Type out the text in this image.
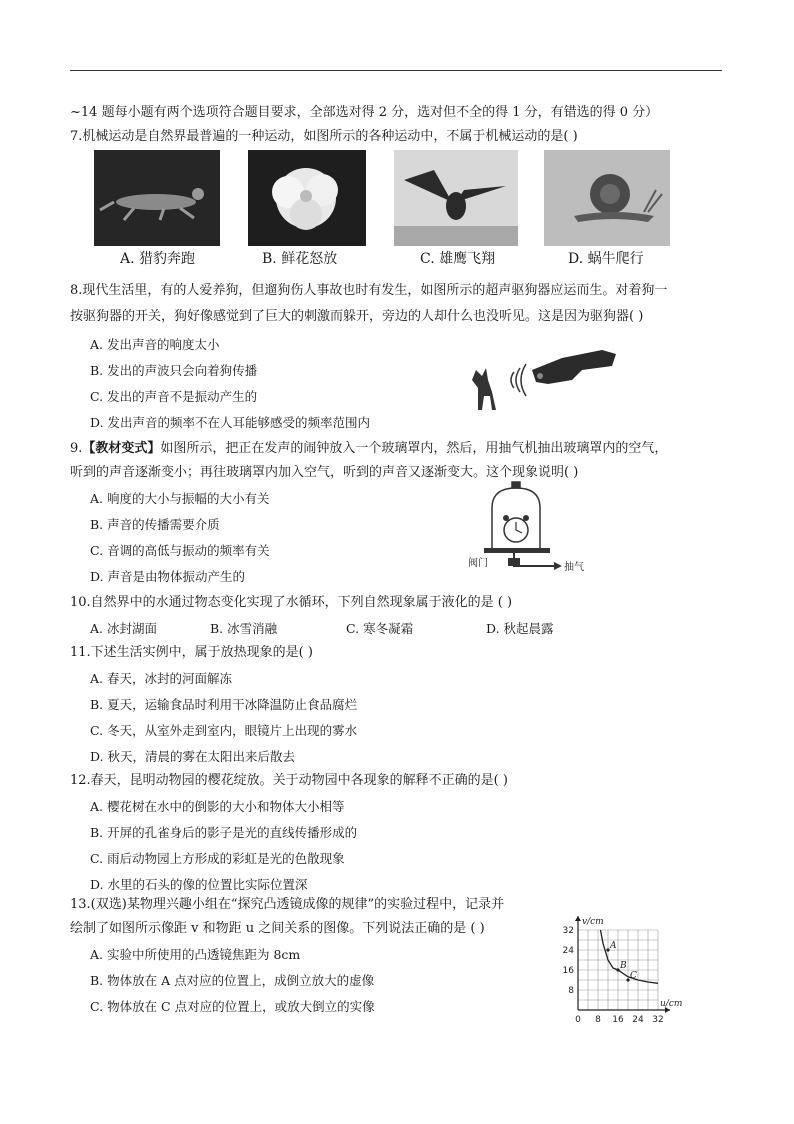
~14 题每小题有两个选项符合题目要求，全部选对得 2 分，选对但不全的得 1 分，有错选的得 0 分）
7.机械运动是自然界最普遍的一种运动，如图所示的各种运动中，不属于机械运动的是( )
A. 猎豹奔跑	B. 鲜花怒放	C. 雄鹰飞翔	D. 蜗牛爬行
8.现代生活里，有的人爱养狗，但遛狗伤人事故也时有发生，如图所示的超声驱狗器应运而生。对着狗一
按驱狗器的开关，狗好像感觉到了巨大的刺激而躲开，旁边的人却什么也没听见。这是因为驱狗器( )
A. 发出声音的响度太小
B. 发出的声波只会向着狗传播
C. 发出的声音不是振动产生的
D. 发出声音的频率不在人耳能够感受的频率范围内
9.【教材变式】如图所示，把正在发声的闹钟放入一个玻璃罩内，然后，用抽气机抽出玻璃罩内的空气，
听到的声音逐渐变小；再往玻璃罩内加入空气，听到的声音又逐渐变大。这个现象说明( )
A. 响度的大小与振幅的大小有关
B. 声音的传播需要介质
C. 音调的高低与振动的频率有关
D. 声音是由物体振动产生的
阀门	抽气
10.自然界中的水通过物态变化实现了水循环，下列自然现象属于液化的是 ( )
A. 冰封湖面	B. 冰雪消融	C. 寒冬凝霜	D. 秋起晨露
11.下述生活实例中，属于放热现象的是( )
A. 春天，冰封的河面解冻
B. 夏天，运输食品时利用干冰降温防止食品腐烂
C. 冬天，从室外走到室内，眼镜片上出现的雾水
D. 秋天，清晨的雾在太阳出来后散去
12.春天，昆明动物园的樱花绽放。关于动物园中各现象的解释不正确的是( )
A. 樱花树在水中的倒影的大小和物体大小相等
B. 开屏的孔雀身后的影子是光的直线传播形成的
C. 雨后动物园上方形成的彩虹是光的色散现象
D. 水里的石头的像的位置比实际位置深
13.(双选)某物理兴趣小组在“探究凸透镜成像的规律”的实验过程中，记录并
绘制了如图所示像距 v 和物距 u 之间关系的图像。下列说法正确的是 ( )
A. 实验中所使用的凸透镜焦距为 8cm
B. 物体放在 A 点对应的位置上，成倒立放大的虚像
C. 物体放在 C 点对应的位置上，或放大倒立的实像	u/cm
v/cm
0 8 16 24 32
8
16
24
32
A
B
C
